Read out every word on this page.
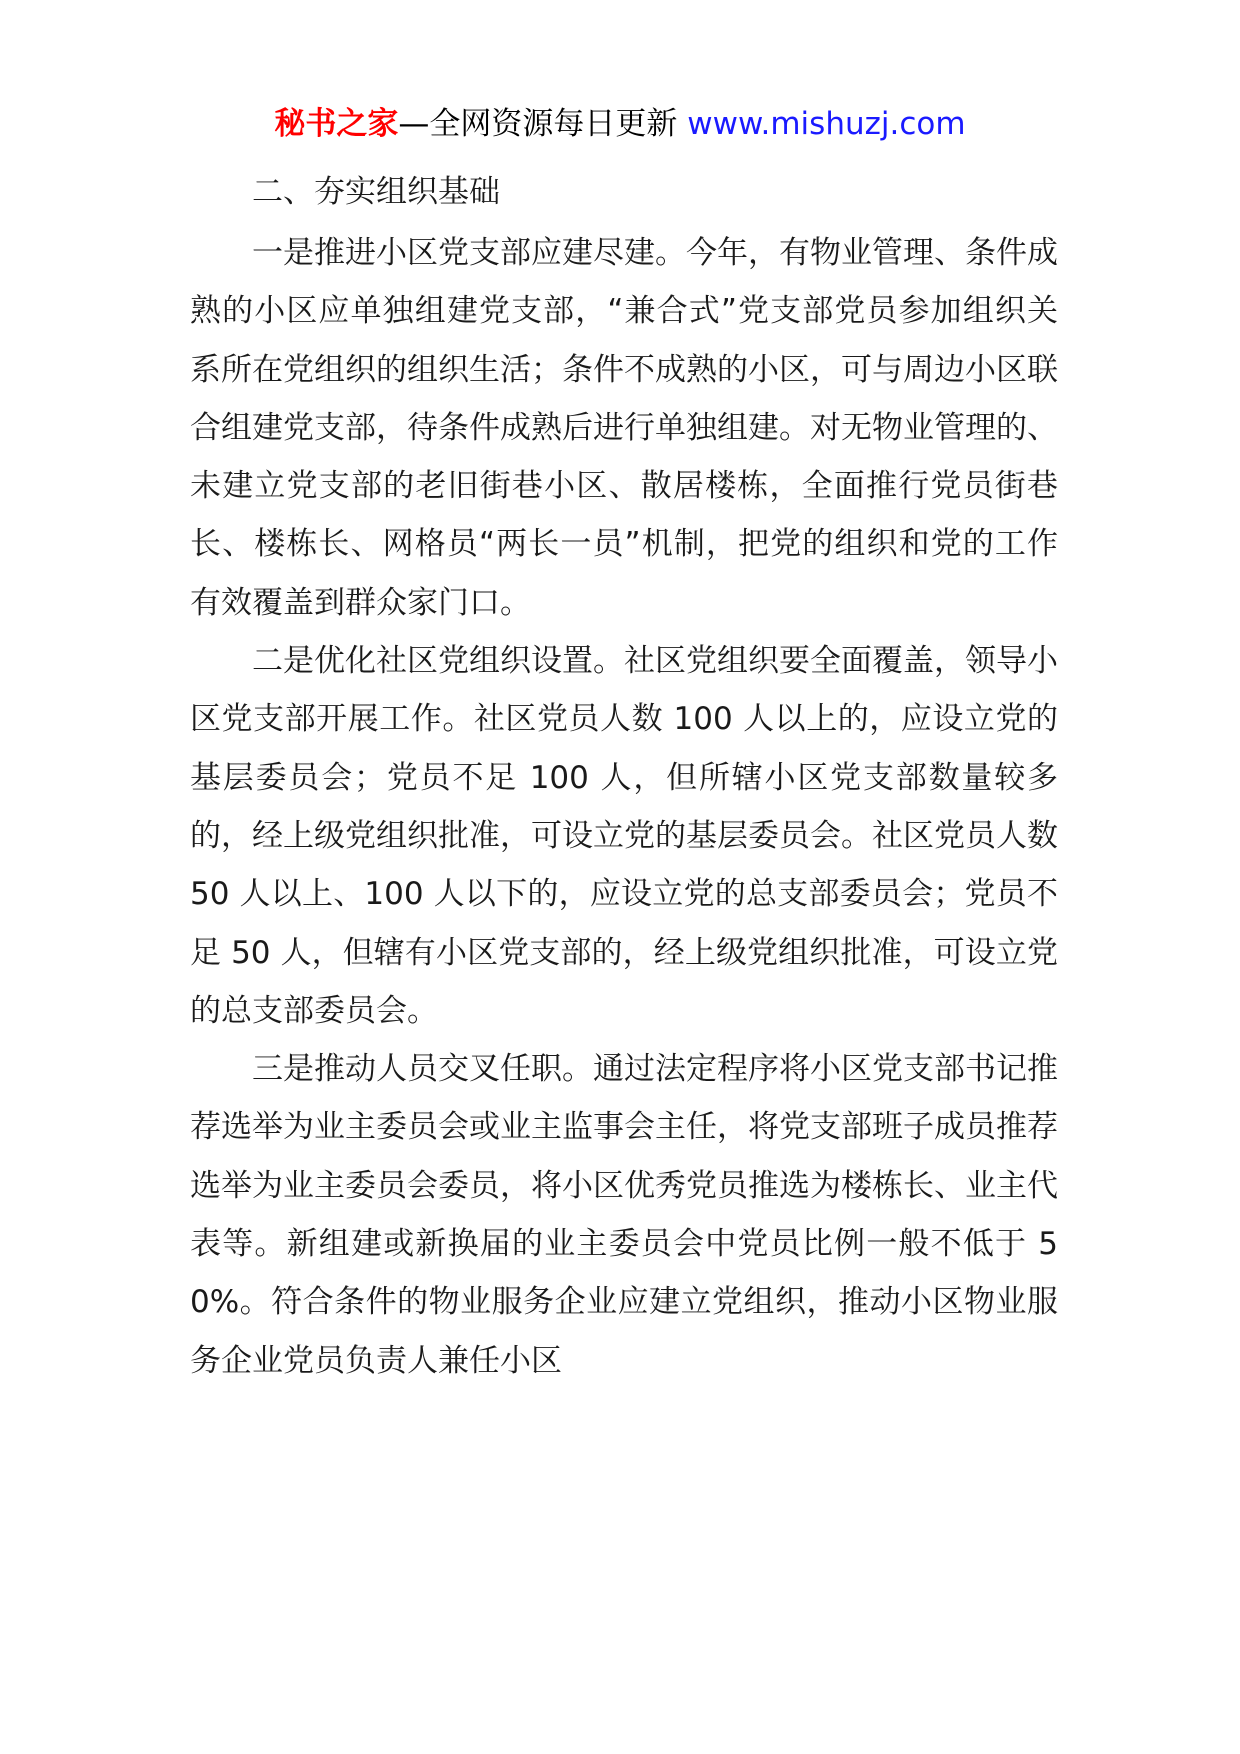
秘书之家—全网资源每日更新 www.mishuzj.com

二、夯实组织基础

一是推进小区党支部应建尽建。今年，有物业管理、条件成熟的小区应单独组建党支部，“兼合式”党支部党员参加组织关系所在党组织的组织生活；条件不成熟的小区，可与周边小区联合组建党支部，待条件成熟后进行单独组建。对无物业管理的、未建立党支部的老旧街巷小区、散居楼栋，全面推行党员街巷长、楼栋长、网格员“两长一员”机制，把党的组织和党的工作有效覆盖到群众家门口。

二是优化社区党组织设置。社区党组织要全面覆盖，领导小区党支部开展工作。社区党员人数 100 人以上的，应设立党的基层委员会；党员不足 100 人，但所辖小区党支部数量较多的，经上级党组织批准，可设立党的基层委员会。社区党员人数 50 人以上、100 人以下的，应设立党的总支部委员会；党员不足 50 人，但辖有小区党支部的，经上级党组织批准，可设立党的总支部委员会。

三是推动人员交叉任职。通过法定程序将小区党支部书记推荐选举为业主委员会或业主监事会主任，将党支部班子成员推荐选举为业主委员会委员，将小区优秀党员推选为楼栋长、业主代表等。新组建或新换届的业主委员会中党员比例一般不低于 50%。符合条件的物业服务企业应建立党组织，推动小区物业服务企业党员负责人兼任小区
